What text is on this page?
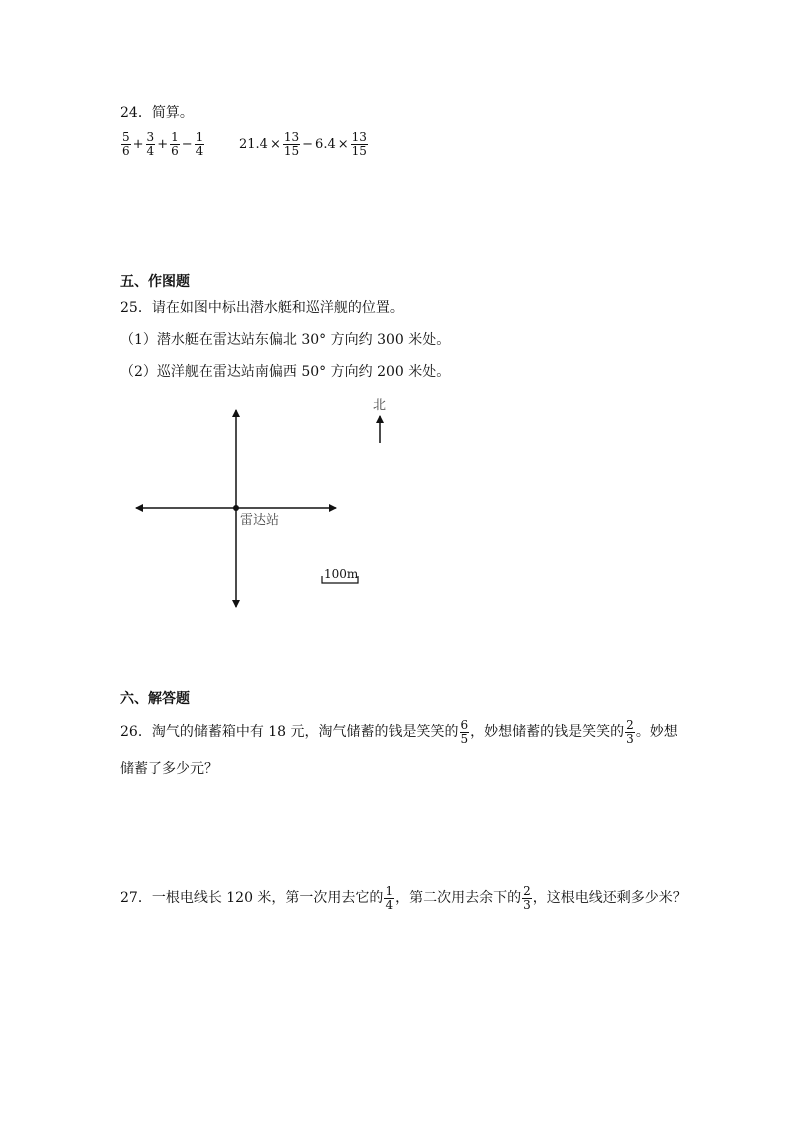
24．简算。
$\frac{5}{6} + \frac{3}{4} + \frac{1}{6} - \frac{1}{4}$	$21.4 \times \frac{13}{15} - 6.4 \times \frac{13}{15}$
五、作图题
25．请在如图中标出潜水艇和巡洋舰的位置。
（1）潜水艇在雷达站东偏北 30° 方向约 300 米处。
（2）巡洋舰在雷达站南偏西 50° 方向约 200 米处。
雷达站
北
100m
六、解答题
26．淘气的储蓄箱中有 18 元，淘气储蓄的钱是笑笑的 $\frac{6}{5}$ ，妙想储蓄的钱是笑笑的 $\frac{2}{3}$ 。妙想
储蓄了多少元？
27．一根电线长 120 米，第一次用去它的 $\frac{1}{4}$ ，第二次用去余下的 $\frac{2}{3}$ ，这根电线还剩多少米？
